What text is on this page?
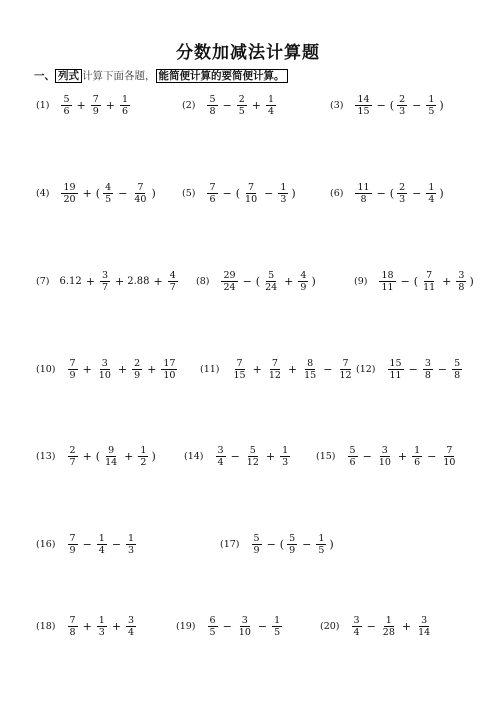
分数加减法计算题
一、 列式 计算下面各题， 能简便计算的要简便计算。
$(1) \frac{5}{6} + \frac{7}{9} + \frac{1}{6}$	$(2) \frac{5}{8} - \frac{2}{5} + \frac{1}{4}$	$(3) \frac{14}{15}$ − ( $\frac{2}{3} - \frac{1}{5}$ )
$(4) \frac{19}{20}$ + ( $\frac{4}{5} - \frac{7}{40}$ )	$(5) \frac{7}{6}$ − ( $\frac{7}{10} - \frac{1}{3}$ )	$(6) \frac{11}{8}$ − ( $\frac{2}{3} - \frac{1}{4}$ )
(7) $6.12 + \frac{3}{7} + 2.88 + \frac{4}{7} (8) \frac{29}{24}$ − ( $\frac{5}{24} + \frac{4}{9}$ )	$(9) \frac{18}{11}$ − ( $\frac{7}{11} + \frac{3}{8}$ )
$(10) \frac{7}{9} + \frac{3}{10} + \frac{2}{9} + \frac{17}{10} (11) \frac{7}{15} + \frac{7}{12} + \frac{8}{15} - \frac{7}{12} (12) \frac{15}{11} - \frac{3}{8} - \frac{5}{8}$
$(13) \frac{2}{7}$ + ( $\frac{9}{14} + \frac{1}{2}$ )	$(14) \frac{3}{4} - \frac{5}{12} + \frac{1}{3}$	$(15) \frac{5}{6} - \frac{3}{10} + \frac{1}{6} - \frac{7}{10}$
$(16) \frac{7}{9} - \frac{1}{4} - \frac{1}{3}$	$(17) \frac{5}{9}$ − ( $\frac{5}{9} - \frac{1}{5}$ )
$(18) \frac{7}{8} + \frac{1}{3} + \frac{3}{4}$	$(19) \frac{6}{5} - \frac{3}{10} - \frac{1}{5}$	$(20) \frac{3}{4} - \frac{1}{28} + \frac{3}{14}$
